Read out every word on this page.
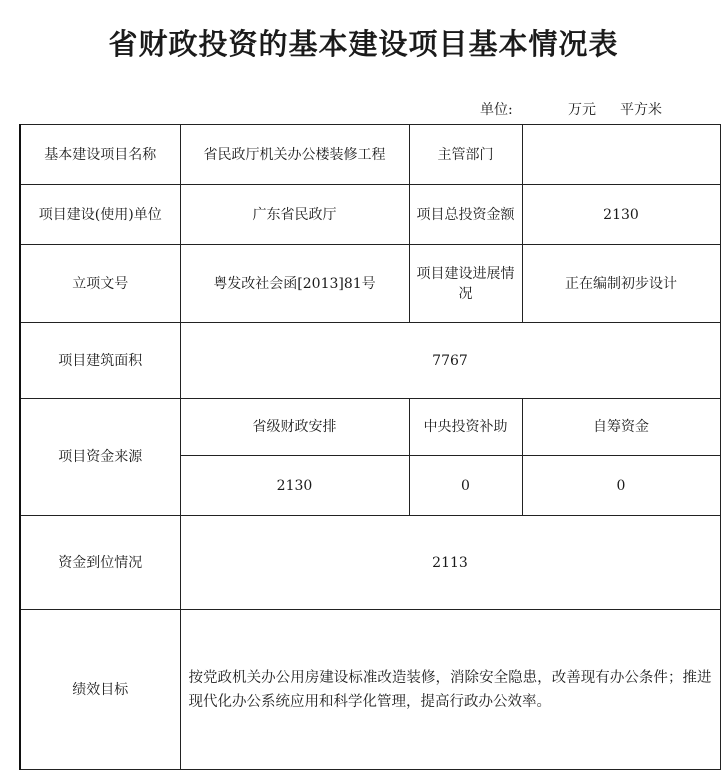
省财政投资的基本建设项目基本情况表
单位:	万元 平方米
基本建设项目名称	省民政厅机关办公楼装修工程	主管部门	
项目建设(使用)单位	广东省民政厅	项目总投资金额	2130
立项文号	粤发改社会函[2013]81号	项目建设进展情况	正在编制初步设计
项目建筑面积	7767		
项目资金来源	省级财政安排	中央投资补助	自筹资金
	2130	0	0
资金到位情况	2113		
绩效目标	按党政机关办公用房建设标准改造装修，消除安全隐患，改善现有办公条件；推进现代化办公系统应用和科学化管理，提高行政办公效率。		
